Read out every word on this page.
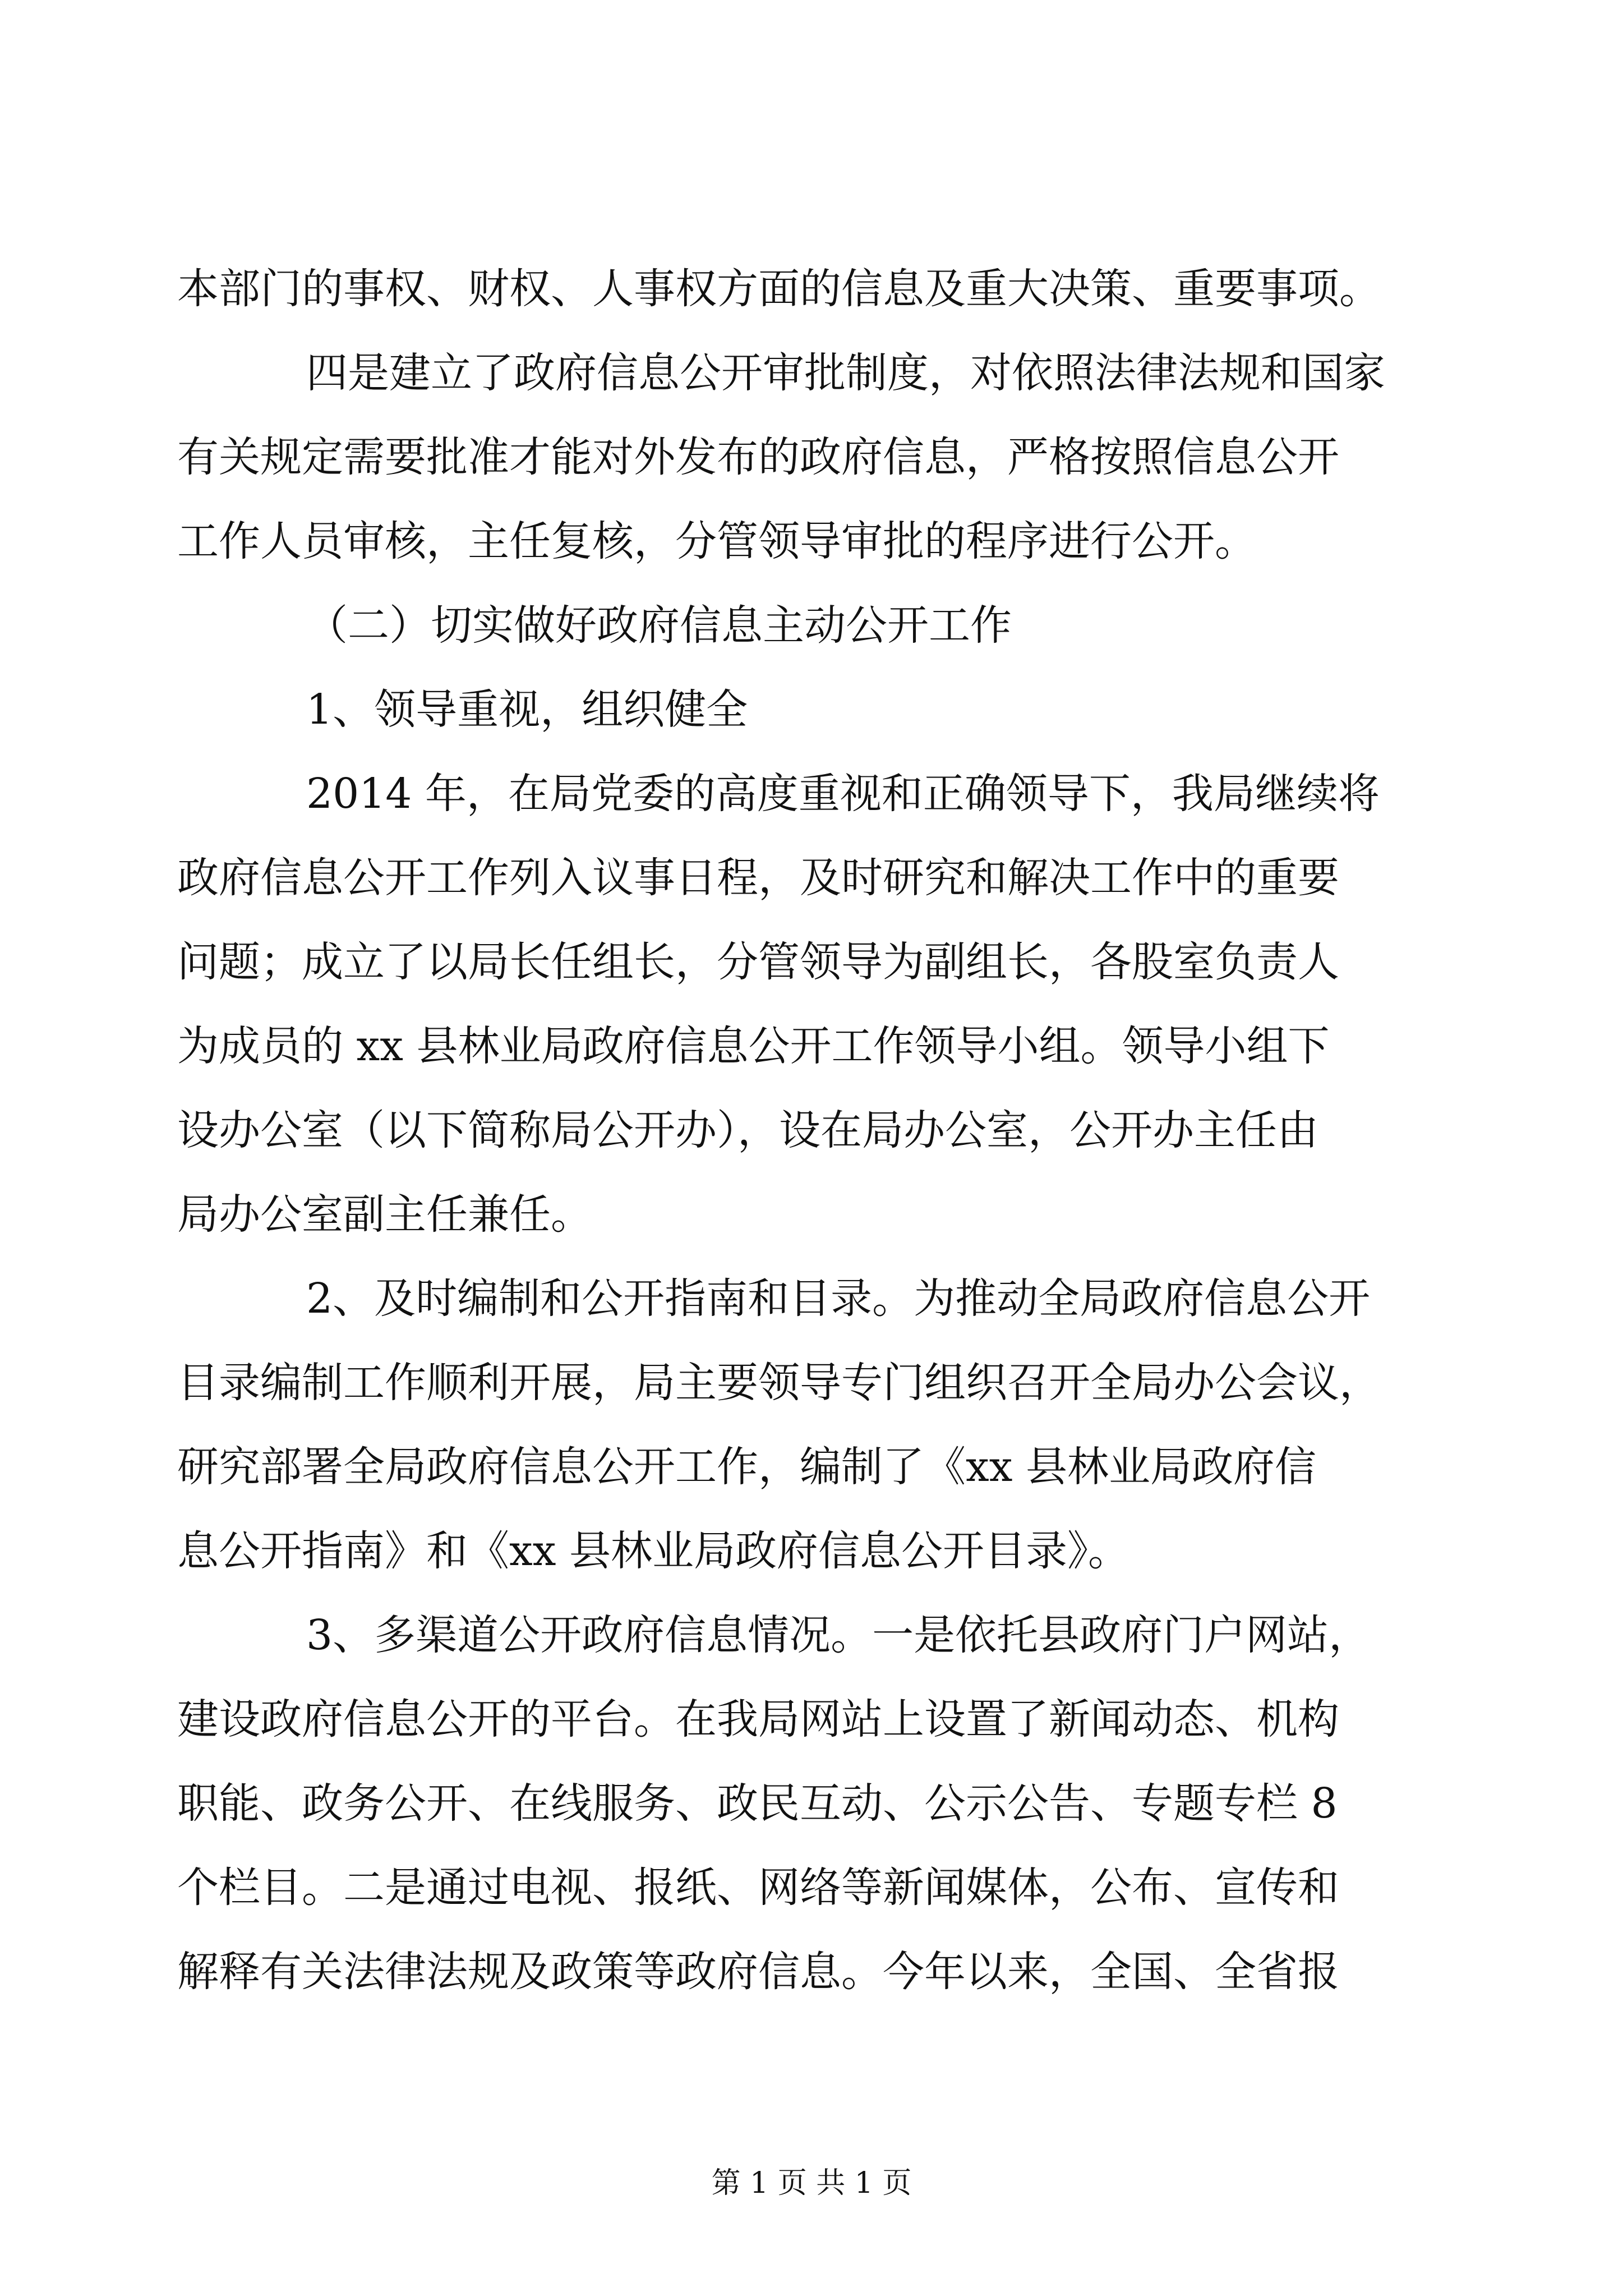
本部门的事权、财权、人事权方面的信息及重大决策、重要事项。
四是建立了政府信息公开审批制度，对依照法律法规和国家
有关规定需要批准才能对外发布的政府信息，严格按照信息公开
工作人员审核，主任复核，分管领导审批的程序进行公开。
（二）切实做好政府信息主动公开工作
1、领导重视，组织健全
2014 年，在局党委的高度重视和正确领导下，我局继续将
政府信息公开工作列入议事日程，及时研究和解决工作中的重要
问题；成立了以局长任组长，分管领导为副组长，各股室负责人
为成员的 xx 县林业局政府信息公开工作领导小组。领导小组下
设办公室（以下简称局公开办），设在局办公室，公开办主任由
局办公室副主任兼任。
2、及时编制和公开指南和目录。为推动全局政府信息公开
目录编制工作顺利开展，局主要领导专门组织召开全局办公会议，
研究部署全局政府信息公开工作，编制了《xx 县林业局政府信
息公开指南》和《xx 县林业局政府信息公开目录》。
3、多渠道公开政府信息情况。一是依托县政府门户网站，
建设政府信息公开的平台。在我局网站上设置了新闻动态、机构
职能、政务公开、在线服务、政民互动、公示公告、专题专栏 8
个栏目。二是通过电视、报纸、网络等新闻媒体，公布、宣传和
解释有关法律法规及政策等政府信息。今年以来，全国、全省报
第 1 页 共 1 页
